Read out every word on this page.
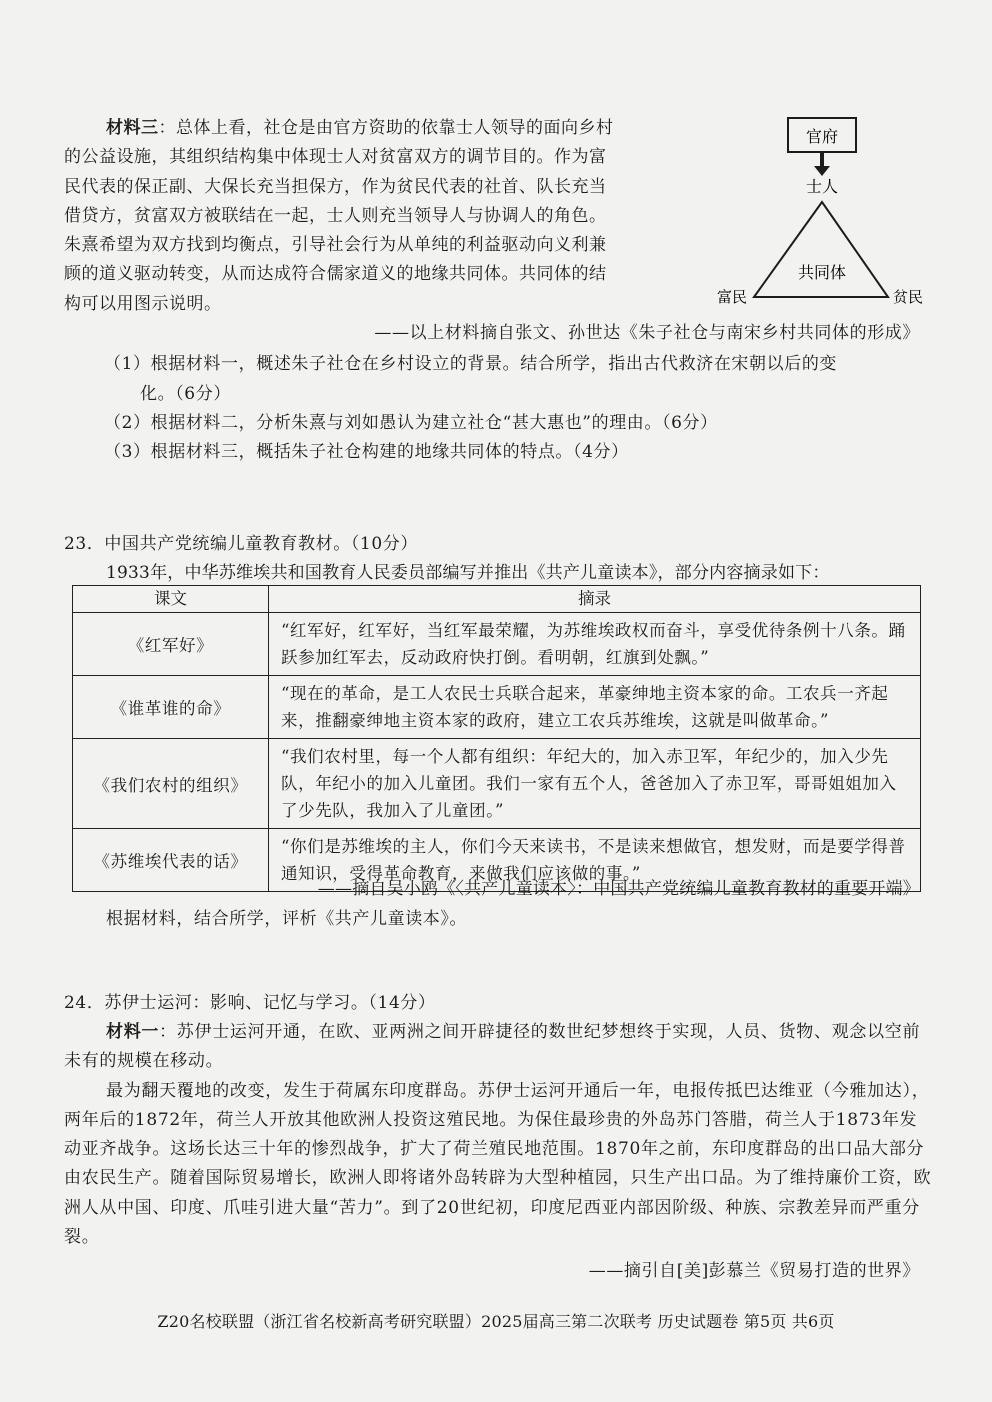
材料三：总体上看，社仓是由官方资助的依靠士人领导的面向乡村
的公益设施，其组织结构集中体现士人对贫富双方的调节目的。作为富
民代表的保正副、大保长充当担保方，作为贫民代表的社首、队长充当
借贷方，贫富双方被联结在一起，士人则充当领导人与协调人的角色。
朱熹希望为双方找到均衡点，引导社会行为从单纯的利益驱动向义利兼
顾的道义驱动转变，从而达成符合儒家道义的地缘共同体。共同体的结
构可以用图示说明。
官府
士人
共同体
富民	贫民
——以上材料摘自张文、孙世达《朱子社仓与南宋乡村共同体的形成》
（1）根据材料一，概述朱子社仓在乡村设立的背景。结合所学，指出古代救济在宋朝以后的变
化。（6分）
（2）根据材料二，分析朱熹与刘如愚认为建立社仓“甚大惠也”的理由。（6分）
（3）根据材料三，概括朱子社仓构建的地缘共同体的特点。（4分）
23．中国共产党统编儿童教育教材。（10分）
1933年，中华苏维埃共和国教育人民委员部编写并推出《共产儿童读本》，部分内容摘录如下：
课文	摘录
《红军好》	“红军好，红军好，当红军最荣耀，为苏维埃政权而奋斗，享受优待条例十八条。踊跃参加红军去，反动政府快打倒。看明朝，红旗到处飘。”
《谁革谁的命》	“现在的革命，是工人农民士兵联合起来，革豪绅地主资本家的命。工农兵一齐起来，推翻豪绅地主资本家的政府，建立工农兵苏维埃，这就是叫做革命。”
《我们农村的组织》	“我们农村里，每一个人都有组织：年纪大的，加入赤卫军，年纪少的，加入少先队，年纪小的加入儿童团。我们一家有五个人，爸爸加入了赤卫军，哥哥姐姐加入了少先队，我加入了儿童团。”
《苏维埃代表的话》	“你们是苏维埃的主人，你们今天来读书，不是读来想做官，想发财，而是要学得普通知识，受得革命教育，来做我们应该做的事。”
——摘自吴小鸥《〈共产儿童读本〉：中国共产党统编儿童教育教材的重要开端》
根据材料，结合所学，评析《共产儿童读本》。
24．苏伊士运河：影响、记忆与学习。（14分）
材料一：苏伊士运河开通，在欧、亚两洲之间开辟捷径的数世纪梦想终于实现，人员、货物、观念以空前未有的规模在移动。
最为翻天覆地的改变，发生于荷属东印度群岛。苏伊士运河开通后一年，电报传抵巴达维亚（今雅加达），两年后的1872年，荷兰人开放其他欧洲人投资这殖民地。为保住最珍贵的外岛苏门答腊，荷兰人于1873年发动亚齐战争。这场长达三十年的惨烈战争，扩大了荷兰殖民地范围。1870年之前，东印度群岛的出口品大部分由农民生产。随着国际贸易增长，欧洲人即将诸外岛转辟为大型种植园，只生产出口品。为了维持廉价工资，欧洲人从中国、印度、爪哇引进大量“苦力”。到了20世纪初，印度尼西亚内部因阶级、种族、宗教差异而严重分裂。
——摘引自[美]彭慕兰《贸易打造的世界》
Z20名校联盟（浙江省名校新高考研究联盟）2025届高三第二次联考 历史试题卷 第5页 共6页
